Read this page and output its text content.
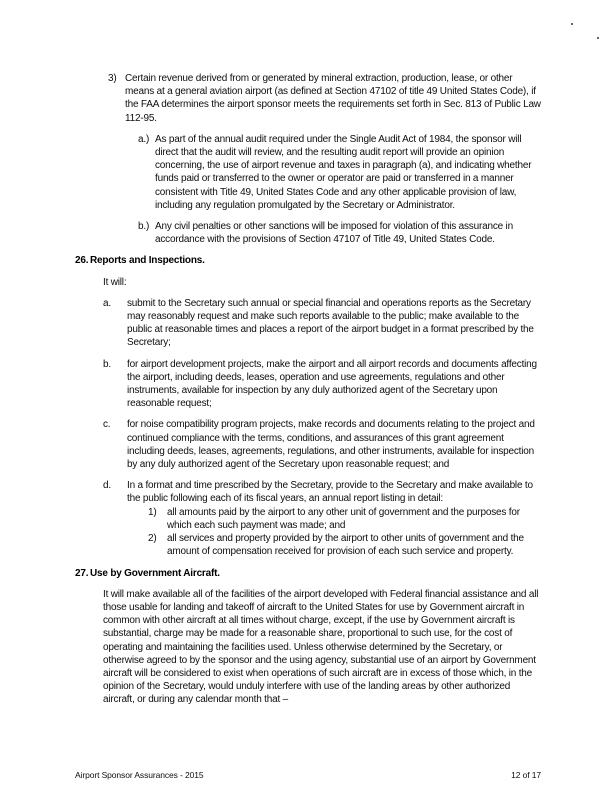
3) Certain revenue derived from or generated by mineral extraction, production, lease, or other means at a general aviation airport (as defined at Section 47102 of title 49 United States Code), if the FAA determines the airport sponsor meets the requirements set forth in Sec. 813 of Public Law 112-95.
a.) As part of the annual audit required under the Single Audit Act of 1984, the sponsor will direct that the audit will review, and the resulting audit report will provide an opinion concerning, the use of airport revenue and taxes in paragraph (a), and indicating whether funds paid or transferred to the owner or operator are paid or transferred in a manner consistent with Title 49, United States Code and any other applicable provision of law, including any regulation promulgated by the Secretary or Administrator.
b.) Any civil penalties or other sanctions will be imposed for violation of this assurance in accordance with the provisions of Section 47107 of Title 49, United States Code.
26. Reports and Inspections.
It will:
a.	submit to the Secretary such annual or special financial and operations reports as the Secretary may reasonably request and make such reports available to the public; make available to the public at reasonable times and places a report of the airport budget in a format prescribed by the Secretary;
b.	for airport development projects, make the airport and all airport records and documents affecting the airport, including deeds, leases, operation and use agreements, regulations and other instruments, available for inspection by any duly authorized agent of the Secretary upon reasonable request;
c.	for noise compatibility program projects, make records and documents relating to the project and continued compliance with the terms, conditions, and assurances of this grant agreement including deeds, leases, agreements, regulations, and other instruments, available for inspection by any duly authorized agent of the Secretary upon reasonable request; and
d.	In a format and time prescribed by the Secretary, provide to the Secretary and make available to the public following each of its fiscal years, an annual report listing in detail:
1)	all amounts paid by the airport to any other unit of government and the purposes for which each such payment was made; and
2)	all services and property provided by the airport to other units of government and the amount of compensation received for provision of each such service and property.
27. Use by Government Aircraft.
It will make available all of the facilities of the airport developed with Federal financial assistance and all those usable for landing and takeoff of aircraft to the United States for use by Government aircraft in common with other aircraft at all times without charge, except, if the use by Government aircraft is substantial, charge may be made for a reasonable share, proportional to such use, for the cost of operating and maintaining the facilities used. Unless otherwise determined by the Secretary, or otherwise agreed to by the sponsor and the using agency, substantial use of an airport by Government aircraft will be considered to exist when operations of such aircraft are in excess of those which, in the opinion of the Secretary, would unduly interfere with use of the landing areas by other authorized aircraft, or during any calendar month that –
Airport Sponsor Assurances - 2015	12 of 17
